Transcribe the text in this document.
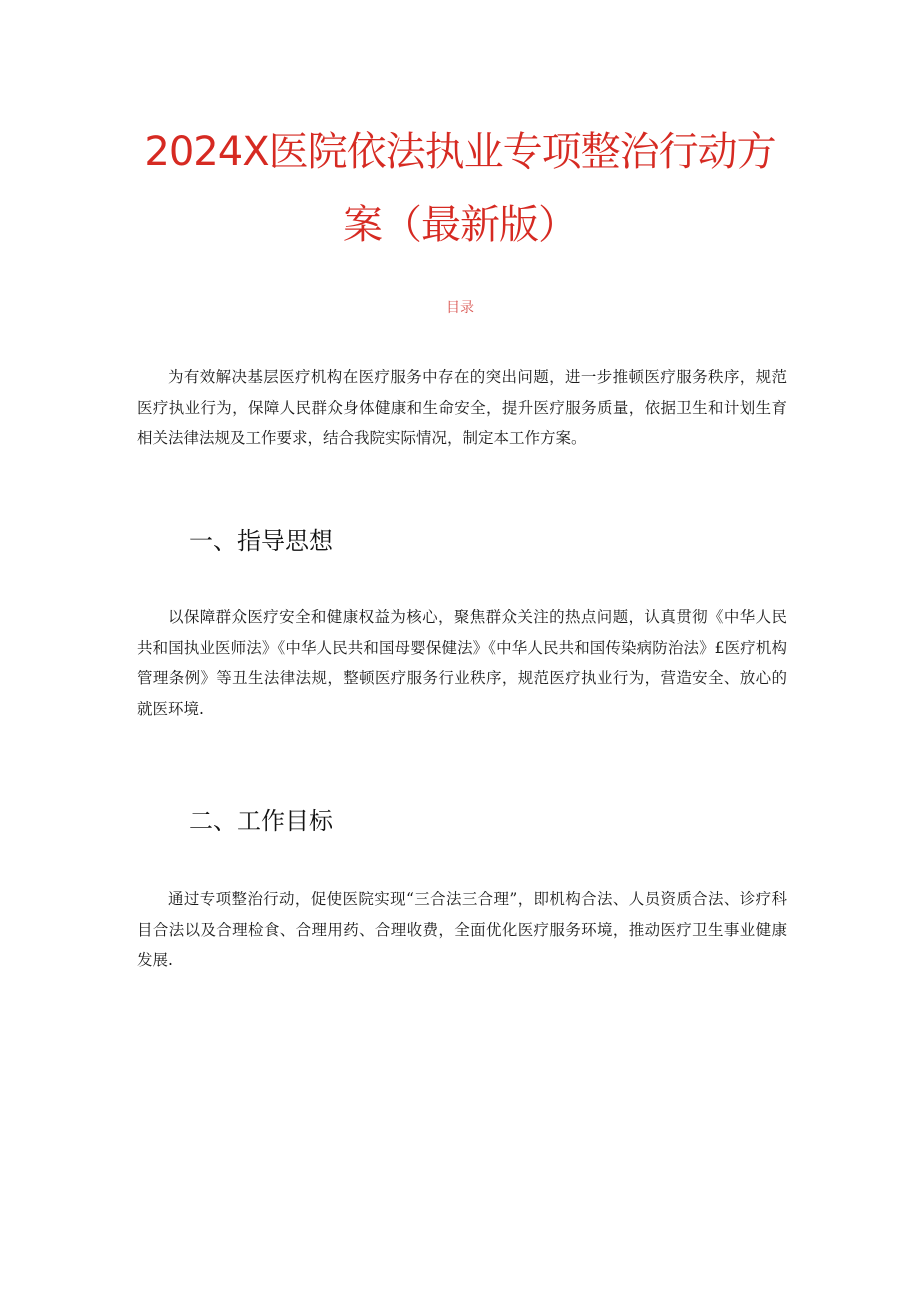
2024X医院依法执业专项整治行动方
案（最新版）
目录

为有效解决基层医疗机构在医疗服务中存在的突出问题，进一步推顿医疗服务秩序，规范医疗执业行为，保障人民群众身体健康和生命安全，提升医疗服务质量，依据卫生和计划生育相关法律法规及工作要求，结合我院实际情况，制定本工作方案。

一、指导思想

以保障群众医疗安全和健康权益为核心，聚焦群众关注的热点问题，认真贯彻《中华人民共和国执业医师法》《中华人民共和国母婴保健法》《中华人民共和国传染病防治法》£医疗机构管理条例》等丑生法律法规，整顿医疗服务行业秩序，规范医疗执业行为，营造安全、放心的就医环境.

二、工作目标

通过专项整治行动，促使医院实现“三合法三合理”，即机构合法、人员资质合法、诊疗科目合法以及合理检食、合理用药、合理收费，全面优化医疗服务环境，推动医疗卫生事业健康发展.
